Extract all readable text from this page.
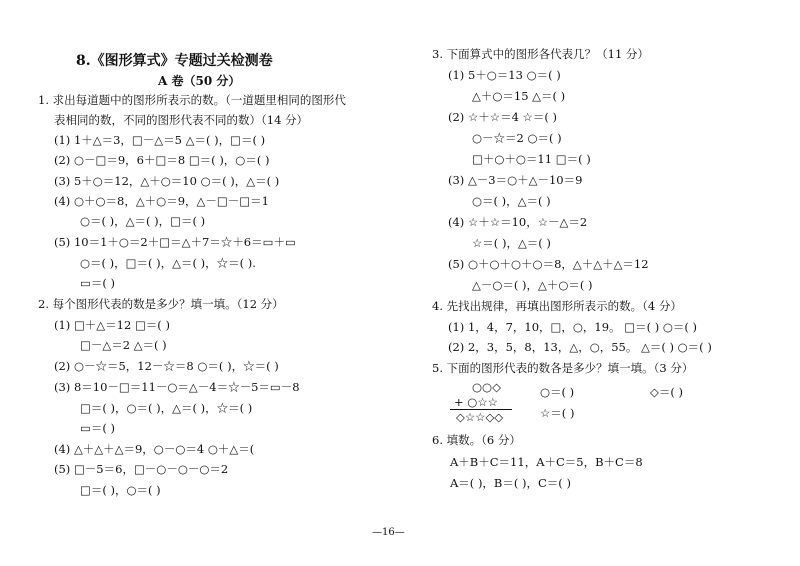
8.《图形算式》专题过关检测卷
A 卷（50 分）
1. 求出每道题中的图形所表示的数。（一道题里相同的图形代
表相同的数，不同的图形代表不同的数）（14 分）
(1) 1＋△＝3，□－△＝5 △＝( )，□＝( )
(2) ○－□＝9，6＋□＝8 □＝( )，○＝( )
(3) 5＋○＝12，△＋○＝10 ○＝( )，△＝( )
(4) ○＋○＝8，△＋○＝9，△－□－□＝1
○＝( )，△＝( )，□＝( )
(5) 10＝1＋○＝2＋□＝△＋7＝☆＋6＝▭＋▭
○＝( )，□＝( )，△＝( )，☆＝( ).
▭＝( )
2. 每个图形代表的数是多少？填一填。（12 分）
(1) □＋△＝12 □＝( )
□－△＝2 △＝( )
(2) ○－☆＝5，12－☆＝8 ○＝( )，☆＝( )
(3) 8＝10－□＝11－○＝△－4＝☆－5＝▭－8
□＝( )，○＝( )，△＝( )，☆＝( )
▭＝( )
(4) △＋△＋△＝9，○－○＝4 ○＋△＝(
(5) □－5＝6，□－○－○－○＝2
□＝( )，○＝( )
3. 下面算式中的图形各代表几？（11 分）
(1) 5＋○＝13 ○＝( )
△＋○＝15 △＝( )
(2) ☆＋☆＝4 ☆＝( )
○－☆＝2 ○＝( )
□＋○＋○＝11 □＝( )
(3) △－3＝○＋△－10＝9
○＝( )，△＝( )
(4) ☆＋☆＝10，☆－△＝2
☆＝( )，△＝( )
(5) ○＋○＋○＋○＝8，△＋△＋△＝12
△－○＝( )，△＋○＝( )
4. 先找出规律，再填出图形所表示的数。（4 分）
(1) 1，4，7，10，□，○，19。 □＝( ) ○＝( )
(2) 2，3，5，8，13，△，○，55。 △＝( ) ○＝( )
5. 下面的图形代表的数各是多少？填一填。（3 分）
○○◇
+ ○☆☆
◇☆☆◇◇
○＝( )	◇＝( )
☆＝( )
6. 填数。（6 分）
A＋B＋C＝11，A＋C＝5，B＋C＝8
A＝( )，B＝( )，C＝( )
—16—
